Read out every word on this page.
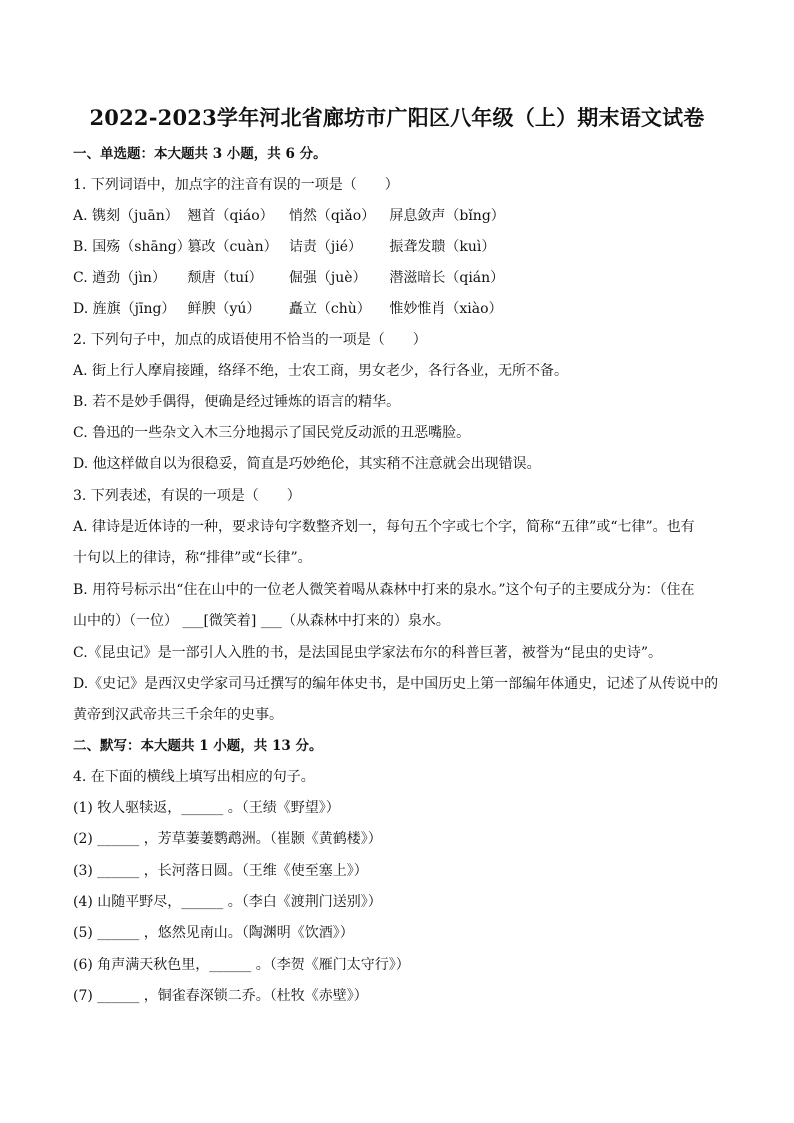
2022-2023学年河北省廊坊市广阳区八年级（上）期末语文试卷
一、单选题：本大题共 3 小题，共 6 分。
1. 下列词语中，加点字的注音有误的一项是（　　）
A. 镌刻（juān） 翘首（qiáo） 悄然（qiǎo） 屏息敛声（bǐng）
B. 国殇（shāng） 篡改（cuàn） 诘责（jié） 振聋发聩（kuì）
C. 遒劲（jìn） 颓唐（tuí） 倔强（juè） 潜滋暗长（qián）
D. 旌旗（jīng） 鲜腴（yú） 矗立（chù） 惟妙惟肖（xiào）
2. 下列句子中，加点的成语使用不恰当的一项是（　　）
A. 街上行人摩肩接踵，络绎不绝，士农工商，男女老少，各行各业，无所不备。
B. 若不是妙手偶得，便确是经过锤炼的语言的精华。
C. 鲁迅的一些杂文入木三分地揭示了国民党反动派的丑恶嘴脸。
D. 他这样做自以为很稳妥，简直是巧妙绝伦，其实稍不注意就会出现错误。
3. 下列表述，有误的一项是（　　）
A. 律诗是近体诗的一种，要求诗句字数整齐划一，每句五个字或七个字，简称“五律”或“七律”。也有
十句以上的律诗，称“排律”或“长律”。
B. 用符号标示出“住在山中的一位老人微笑着喝从森林中打来的泉水。”这个句子的主要成分为：（住在
山中的）（一位） ___[微笑着] ___（从森林中打来的）泉水。
C.《昆虫记》是一部引人入胜的书，是法国昆虫学家法布尔的科普巨著，被誉为“昆虫的史诗”。
D.《史记》是西汉史学家司马迁撰写的编年体史书，是中国历史上第一部编年体通史，记述了从传说中的
黄帝到汉武帝共三千余年的史事。
二、默写：本大题共 1 小题，共 13 分。
4. 在下面的横线上填写出相应的句子。
(1) 牧人驱犊返，______ 。（王绩《野望》）
(2) ______ ，芳草萋萋鹦鹉洲。（崔颢《黄鹤楼》）
(3) ______ ，长河落日圆。（王维《使至塞上》）
(4) 山随平野尽，______ 。（李白《渡荆门送别》）
(5) ______ ，悠然见南山。（陶渊明《饮酒》）
(6) 角声满天秋色里，______ 。（李贺《雁门太守行》）
(7) ______ ，铜雀春深锁二乔。（杜牧《赤壁》）
